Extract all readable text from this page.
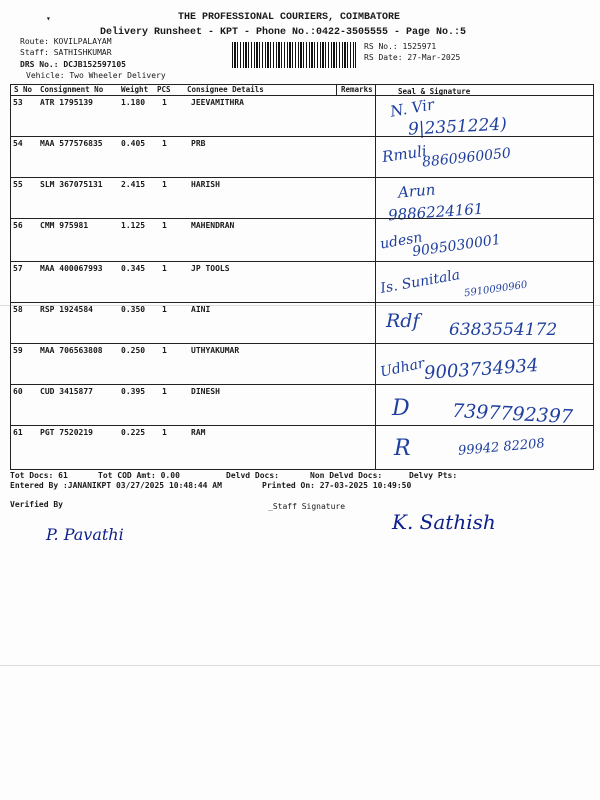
▾	THE PROFESSIONAL COURIERS, COIMBATORE
Delivery Runsheet - KPT - Phone No.:0422-3505555 - Page No.:5
Route: KOVILPALAYAM
Staff: SATHISHKUMAR
DRS No.: DCJB152597105
Vehicle: Two Wheeler Delivery
RS No.: 1525971
RS Date: 27-Mar-2025
S No Consignment No Weight PCS Consignee Details	Remarks	Seal & Signature
53 ATR 1795139	1.180 1	JEEVAMITHRA	N. Vir
9|2351224)
54 MAA 577576835 0.405 1	PRB	Rmuli
8860960050
55 SLM 367075131 2.415 1	HARISH	Arun
9886224161
56 CMM 975981	1.125 1	MAHENDRAN
udesn
9095030001
57 MAA 400067993 0.345 1	JP TOOLS	Is. Sunitala 5910090960
58 RSP 1924584	0.350 1	AINI
Rdf 6383554172
59 MAA 706563808 0.250 1	UTHYAKUMAR
Udhar
9003734934
60 CUD 3415877	0.395 1	DINESH
D 7397792397
61 PGT 7520219	0.225 1	RAM
R	99942 82208
Tot Docs: 61	Tot COD Amt: 0.00	Delvd Docs:	Non Delvd Docs:	Delvy Pts:
Entered By :JANANIKPT 03/27/2025 10:48:44 AM	Printed On: 27-03-2025 10:49:50
Verified By	_Staff Signature
P. Pavathi
K. Sathish
